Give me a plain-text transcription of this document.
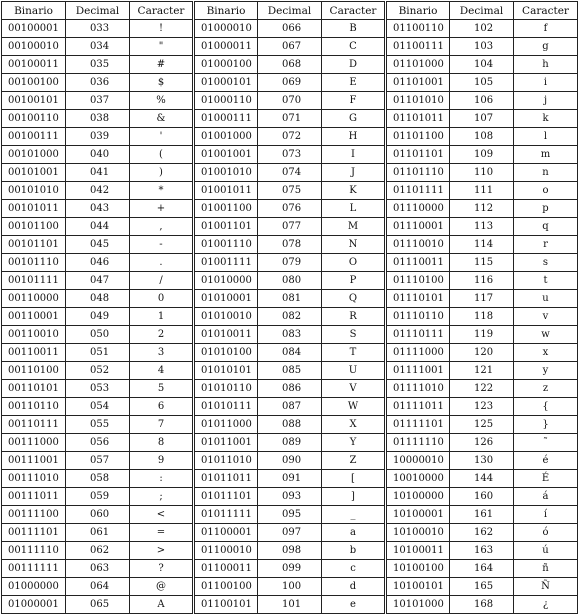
Binario	Decimal	Caracter	Binario	Decimal	Caracter	Binario	Decimal	Caracter
00100001	033	!	01000010	066	B	01100110	102	f
00100010	034	"	01000011	067	C	01100111	103	g
00100011	035	#	01000100	068	D	01101000	104	h
00100100	036	$	01000101	069	E	01101001	105	i
00100101	037	%	01000110	070	F	01101010	106	j
00100110	038	&	01000111	071	G	01101011	107	k
00100111	039	'	01001000	072	H	01101100	108	l
00101000	040	(	01001001	073	I	01101101	109	m
00101001	041	)	01001010	074	J	01101110	110	n
00101010	042	*	01001011	075	K	01101111	111	o
00101011	043	+	01001100	076	L	01110000	112	p
00101100	044	,	01001101	077	M	01110001	113	q
00101101	045	-	01001110	078	N	01110010	114	r
00101110	046	.	01001111	079	O	01110011	115	s
00101111	047	/	01010000	080	P	01110100	116	t
00110000	048	0	01010001	081	Q	01110101	117	u
00110001	049	1	01010010	082	R	01110110	118	v
00110010	050	2	01010011	083	S	01110111	119	w
00110011	051	3	01010100	084	T	01111000	120	x
00110100	052	4	01010101	085	U	01111001	121	y
00110101	053	5	01010110	086	V	01111010	122	z
00110110	054	6	01010111	087	W	01111011	123	{
00110111	055	7	01011000	088	X	01111101	125	}
00111000	056	8	01011001	089	Y	01111110	126	˜
00111001	057	9	01011010	090	Z	10000010	130	é
00111010	058	:	01011011	091	[	10010000	144	É
00111011	059	;	01011101	093	]	10100000	160	á
00111100	060	<	01011111	095	_	10100001	161	í
00111101	061	=	01100001	097	a	10100010	162	ó
00111110	062	>	01100010	098	b	10100011	163	ú
00111111	063	?	01100011	099	c	10100100	164	ñ
01000000	064	@	01100100	100	d	10100101	165	Ñ
01000001	065	A	01100101	101	e	10101000	168	¿
